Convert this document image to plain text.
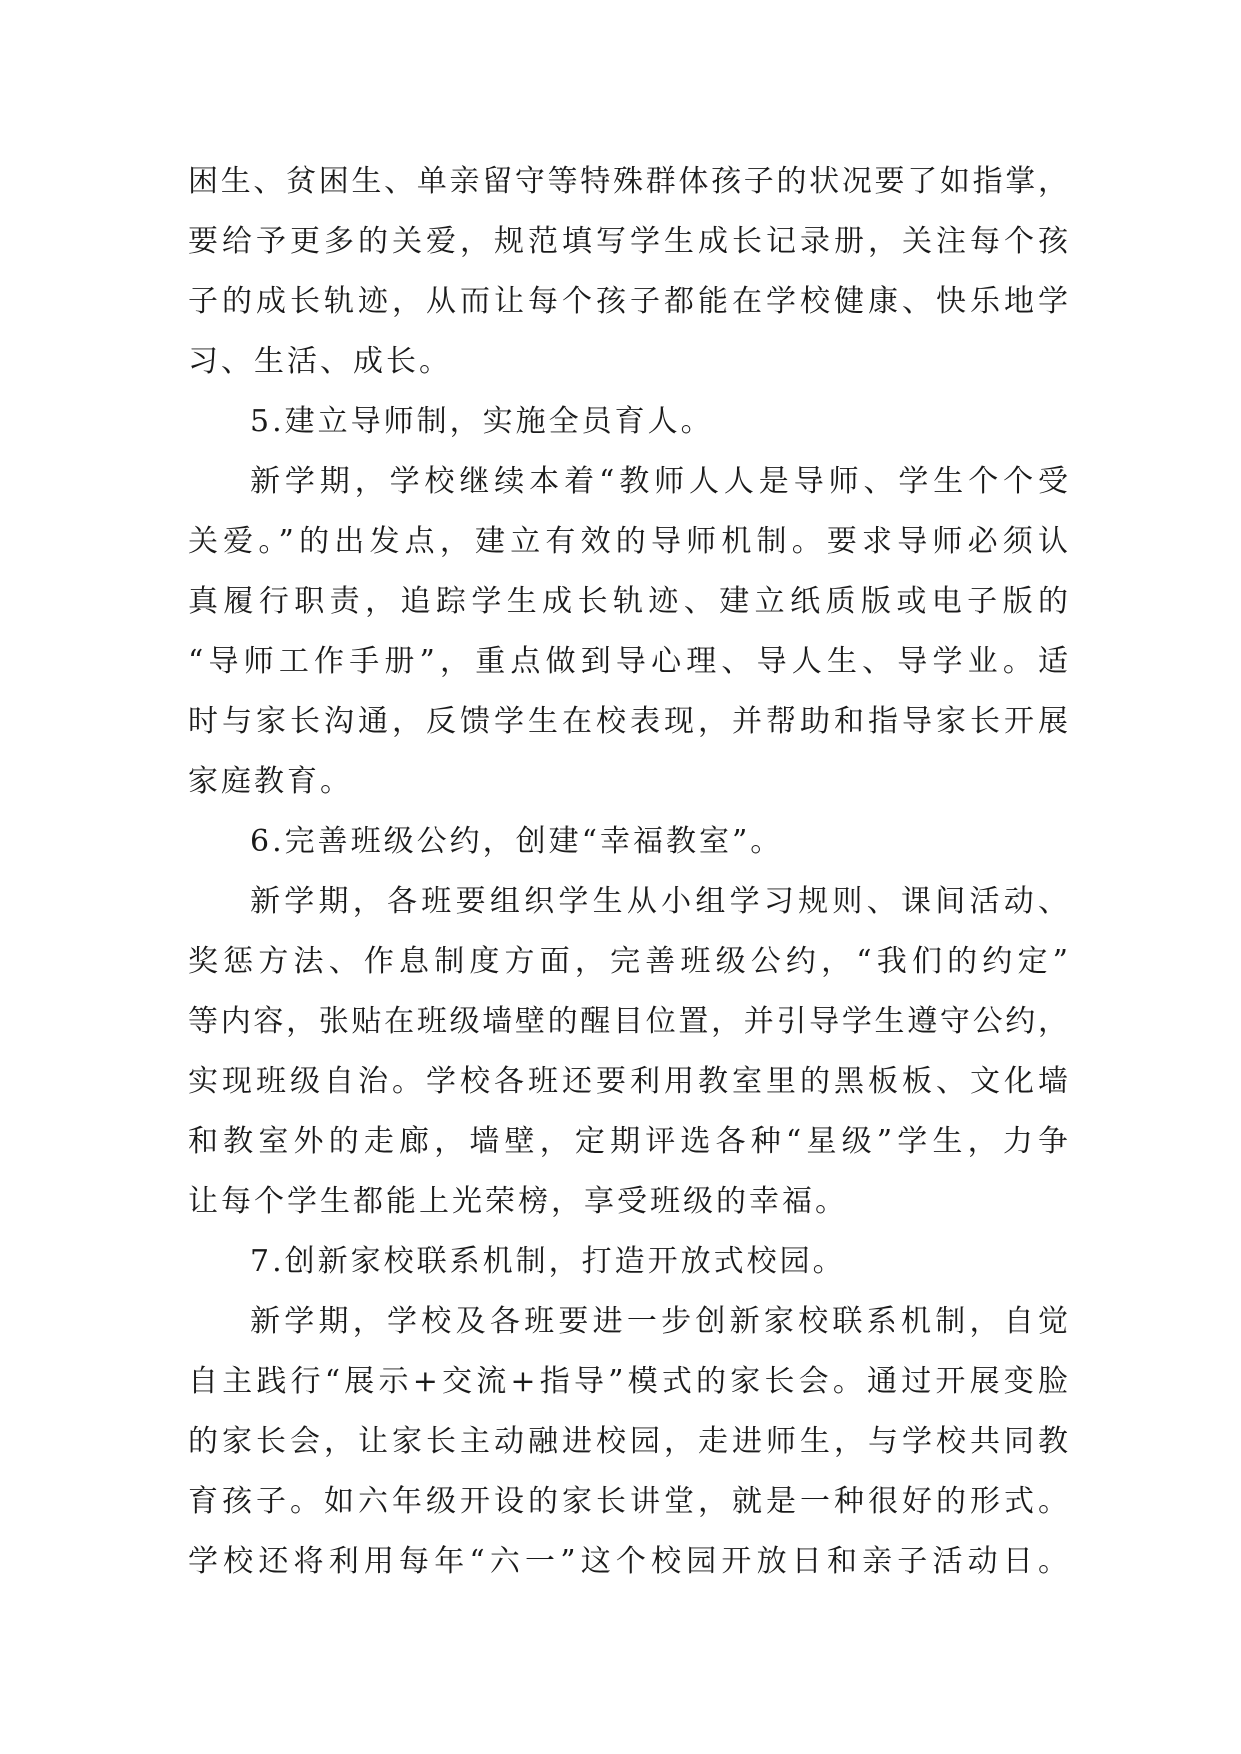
困生、贫困生、单亲留守等特殊群体孩子的状况要了如指掌，
要给予更多的关爱，规范填写学生成长记录册，关注每个孩
子的成长轨迹，从而让每个孩子都能在学校健康、快乐地学
习、生活、成长。
5.建立导师制，实施全员育人。
新学期，学校继续本着“教师人人是导师、学生个个受
关爱。”的出发点，建立有效的导师机制。要求导师必须认
真履行职责，追踪学生成长轨迹、建立纸质版或电子版的
“导师工作手册”，重点做到导心理、导人生、导学业。适
时与家长沟通，反馈学生在校表现，并帮助和指导家长开展
家庭教育。
6.完善班级公约，创建“幸福教室”。
新学期，各班要组织学生从小组学习规则、课间活动、
奖惩方法、作息制度方面，完善班级公约，“我们的约定”
等内容，张贴在班级墙壁的醒目位置，并引导学生遵守公约，
实现班级自治。学校各班还要利用教室里的黑板板、文化墙
和教室外的走廊，墙壁，定期评选各种“星级”学生，力争
让每个学生都能上光荣榜，享受班级的幸福。
7.创新家校联系机制，打造开放式校园。
新学期，学校及各班要进一步创新家校联系机制，自觉
自主践行“展示+交流+指导”模式的家长会。通过开展变脸
的家长会，让家长主动融进校园，走进师生，与学校共同教
育孩子。如六年级开设的家长讲堂，就是一种很好的形式。
学校还将利用每年“六一”这个校园开放日和亲子活动日。
